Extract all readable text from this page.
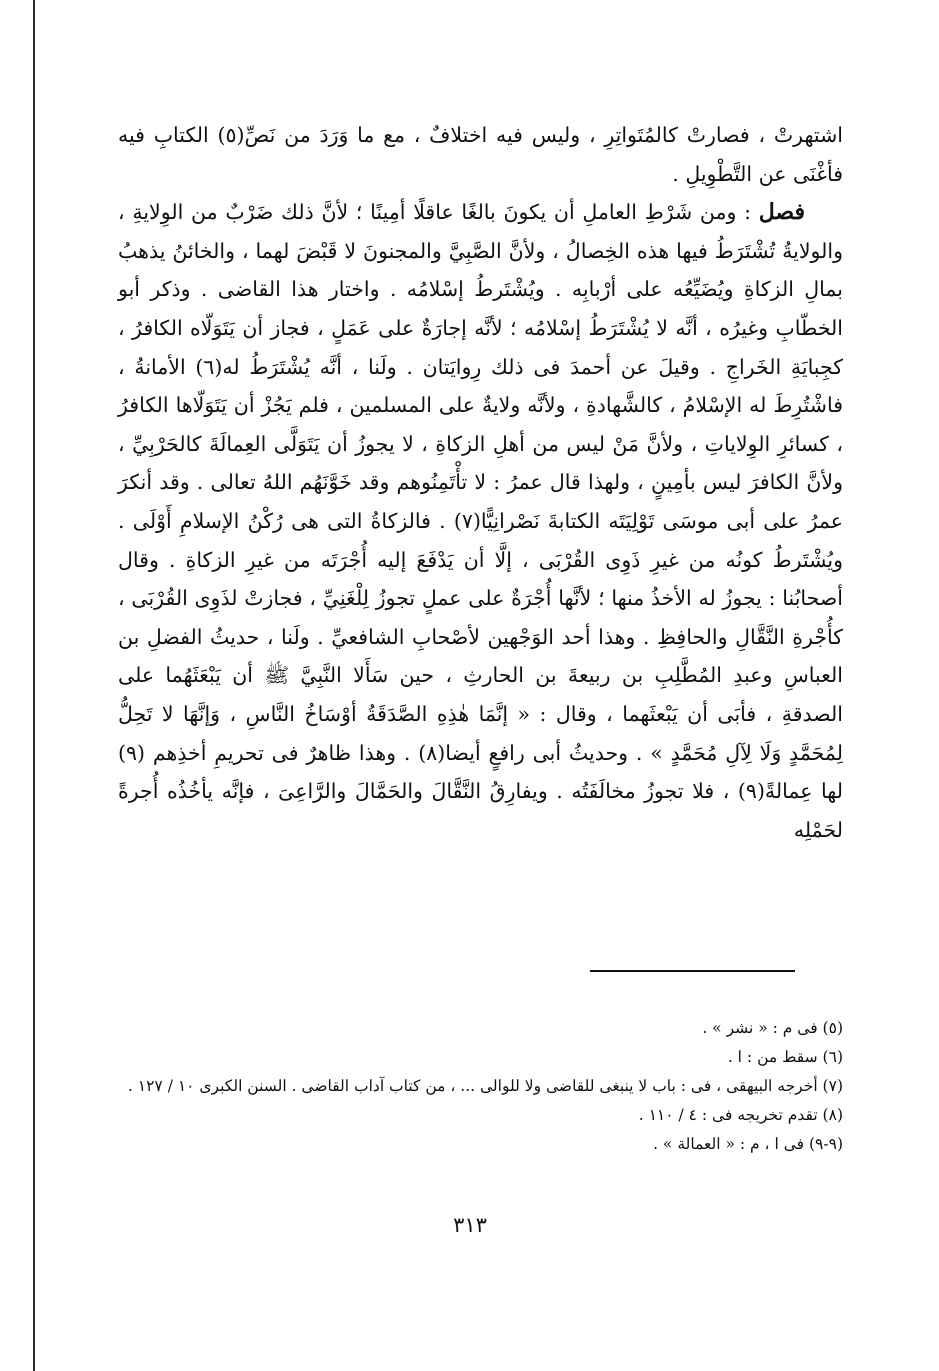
اشتهرتْ ، فصارتْ كالمُتَواتِرِ ، وليس فيه اختلافٌ ، مع ما وَرَدَ من نَصِّ(٥) الكتابِ فيه فأغْنَى عن التَّطْوِيلِ .

فصل : ومن شَرْطِ العاملِ أن يكونَ بالغًا عاقلًا أمِينًا ؛ لأنَّ ذلك ضَرْبٌ من الوِلايةِ ، والولايةُ تُشْتَرَطُ فيها هذه الخِصالُ ، ولأنَّ الصَّبِيَّ والمجنونَ لا قَبْضَ لهما ، والخائنُ يذهبُ بمالِ الزكاةِ ويُضَيِّعُه على أرْبابِه . ويُشْتَرطُ إسْلامُه . واختار هذا القاضى . وذكر أبو الخطّابِ وغيرُه ، أنَّه لا يُشْتَرَطُ إسْلامُه ؛ لأنَّه إجارَةٌ على عَمَلٍ ، فجاز أن يَتَوَلّاه الكافرُ ، كجِبايَةِ الخَراجِ . وقيلَ عن أحمدَ فى ذلك رِوايَتان . ولَنا ، أنَّه يُشْتَرَطُ له(٦) الأمانةُ ، فاشْتُرِطَ له الإسْلامُ ، كالشَّهادةِ ، ولأنَّه ولايةٌ على المسلمين ، فلم يَجُزْ أن يَتَوَلّاها الكافرُ ، كسائرِ الوِلاياتِ ، ولأنَّ مَنْ ليس من أهلِ الزكاةِ ، لا يجوزُ أن يَتَوَلَّى العِمالَةَ كالحَرْبِيِّ ، ولأنَّ الكافرَ ليس بأمِينٍ ، ولهذا قال عمرُ : لا تأْتَمِنُوهم وقد خَوَّنَهُم اللهُ تعالى . وقد أنكرَ عمرُ على أبى موسَى تَوْلِيَتَه الكتابةَ نَصْرانِيًّا(٧) . فالزكاةُ التى هى رُكْنُ الإسلامِ أَوْلَى . ويُشْتَرطُ كونُه من غيرِ ذَوِى القُرْبَى ، إلَّا أن يَدْفَعَ إليه أُجْرَتَه من غيرِ الزكاةِ . وقال أصحابُنا : يجوزُ له الأخذُ منها ؛ لأنَّها أُجْرَةٌ على عملٍ تجوزُ لِلْغَنِيِّ ، فجازتْ لذَوِى القُرْبَى ، كأُجْرةِ النَّقَّالِ والحافِظِ . وهذا أحد الوَجْهين لأصْحابِ الشافعيِّ . ولَنا ، حديثُ الفضلِ بن العباسِ وعبدِ المُطَّلِبِ بن ربيعةَ بن الحارثِ ، حين سَأَلا النَّبِيَّ ﷺ أن يَبْعَثَهُما على الصدقةِ ، فأبَى أن يَبْعثَهما ، وقال : « إنَّمَا هٰذِهِ الصَّدَقَةُ أوْسَاخُ النَّاسِ ، وَإنَّهَا لا تَحِلُّ لِمُحَمَّدٍ وَلَا لِآلِ مُحَمَّدٍ » . وحديثُ أبى رافعٍ أيضا(٨) . وهذا ظاهرٌ فى تحريمِ أخذِهم (٩) لها عِمالةً(٩) ، فلا تجوزُ مخالَفَتُه . ويفارِقُ النَّقَّالَ والحَمَّالَ والرَّاعِىَ ، فإنَّه يأخُذُه أُجرةً لحَمْلِه

(٥) فى م : « نشر » .

(٦) سقط من : ا .

(٧) أخرجه البيهقى ، فى : باب لا ينبغى للقاضى ولا للوالى ... ، من كتاب آداب القاضى . السنن الكبرى ١٠ / ١٢٧ .

(٨) تقدم تخريجه فى : ٤ / ١١٠ .

(٩-٩) فى ا ، م : « العمالة » .

٣١٣
